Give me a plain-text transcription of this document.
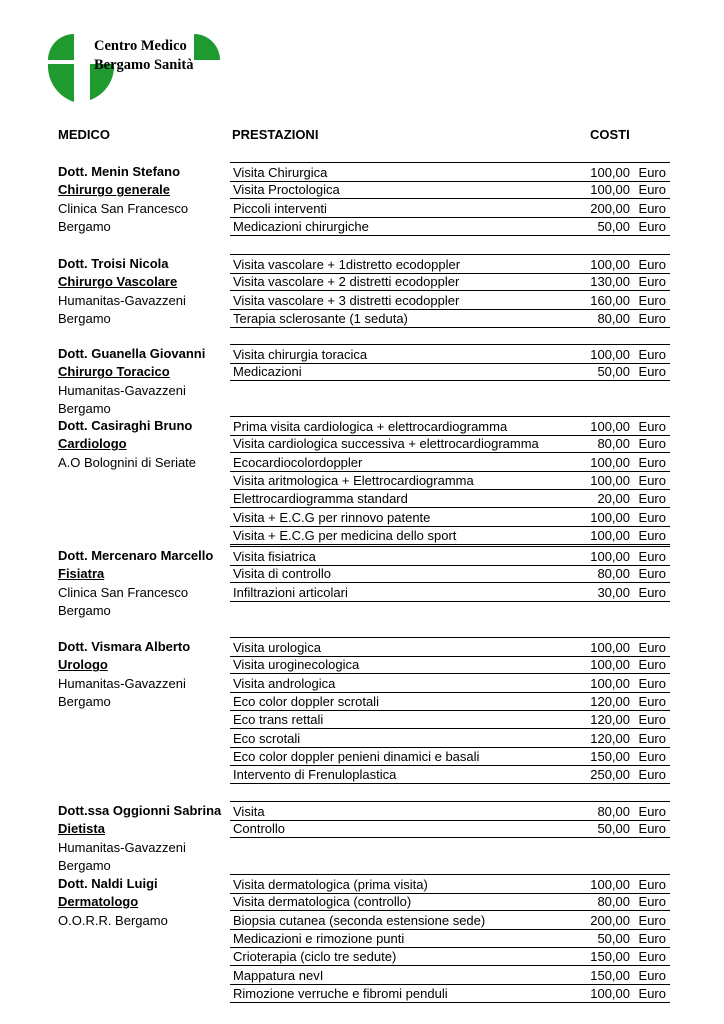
Centro Medico
Bergamo Sanità
MEDICO	PRESTAZIONI	COSTI
Dott. Menin Stefano
Chirurgo generale
Clinica San Francesco
Bergamo
Visita Chirurgica	100,00 Euro
Visita Proctologica	100,00 Euro
Piccoli interventi	200,00 Euro
Medicazioni chirurgiche	50,00 Euro
Dott. Troisi Nicola
Chirurgo Vascolare
Humanitas-Gavazzeni
Bergamo
Visita vascolare + 1distretto ecodoppler	100,00 Euro
Visita vascolare + 2 distretti ecodoppler	130,00 Euro
Visita vascolare + 3 distretti ecodoppler	160,00 Euro
Terapia sclerosante (1 seduta)	80,00 Euro
Dott. Guanella Giovanni
Chirurgo Toracico
Humanitas-Gavazzeni
Bergamo
Visita chirurgia toracica	100,00 Euro
Medicazioni	50,00 Euro
Dott. Casiraghi Bruno
Cardiologo
A.O Bolognini di Seriate
Prima visita cardiologica + elettrocardiogramma	100,00 Euro
Visita cardiologica successiva + elettrocardiogramma	80,00 Euro
Ecocardiocolordoppler	100,00 Euro
Visita aritmologica + Elettrocardiogramma	100,00 Euro
Elettrocardiogramma standard	20,00 Euro
Visita + E.C.G per rinnovo patente	100,00 Euro
Visita + E.C.G per medicina dello sport	100,00 Euro
Dott. Mercenaro Marcello
Fisiatra
Clinica San Francesco
Bergamo
Visita fisiatrica	100,00 Euro
Visita di controllo	80,00 Euro
Infiltrazioni articolari	30,00 Euro
Dott. Vismara Alberto
Urologo
Humanitas-Gavazzeni
Bergamo
Visita urologica	100,00 Euro
Visita uroginecologica	100,00 Euro
Visita andrologica	100,00 Euro
Eco color doppler scrotali	120,00 Euro
Eco trans rettali	120,00 Euro
Eco scrotali	120,00 Euro
Eco color doppler penieni dinamici e basali	150,00 Euro
Intervento di Frenuloplastica	250,00 Euro
Dott.ssa Oggionni Sabrina
Dietista
Humanitas-Gavazzeni
Bergamo
Visita	80,00 Euro
Controllo	50,00 Euro
Dott. Naldi Luigi
Dermatologo
O.O.R.R. Bergamo
Visita dermatologica (prima visita)	100,00 Euro
Visita dermatologica (controllo)	80,00 Euro
Biopsia cutanea (seconda estensione sede)	200,00 Euro
Medicazioni e rimozione punti	50,00 Euro
Crioterapia (ciclo tre sedute)	150,00 Euro
Mappatura nevI	150,00 Euro
Rimozione verruche e fibromi penduli	100,00 Euro
